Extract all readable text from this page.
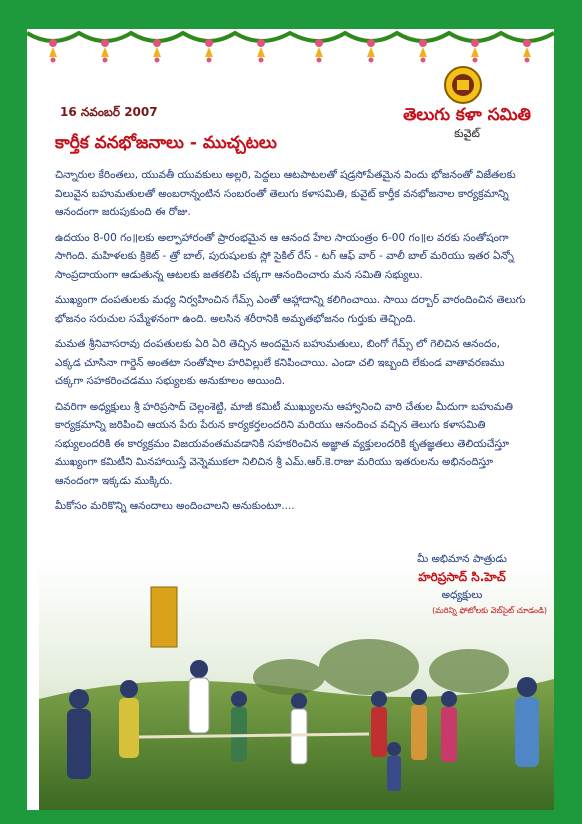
16 నవంబర్ 2007	తెలుగు కళా సమితి
కువైట్
కార్తీక వనభోజనాలు - ముచ్చటలు

చిన్నారుల కేరింతలు, యువతీ యువకులు అల్లరి, పెద్దలు ఆటపాటలతో షడ్రసోపేతమైన విందు భోజనంతో విజేతలకు విలువైన బహుమతులతో అంబరాన్నంటిన సంబరంతో తెలుగు కళాసమితి, కువైట్ కార్తీక వనభోజనాల కార్యక్రమాన్ని ఆనందంగా జరుపుకుంది ఈ రోజు.

ఉదయం 8-00 గం॥లకు అల్పాహారంతో ప్రారంభమైన ఆ ఆనంద హేల సాయంత్రం 6-00 గం॥ల వరకు సంతోషంగా సాగింది. మహిళలకు క్రికెట్ - త్రో బాల్, పురుషులకు స్లో సైకిల్ రేస్ - టగ్ ఆఫ్ వార్ - వాలీ బాల్ మరియు ఇతర ఏన్నో సాంప్రదాయంగా ఆడుతున్న ఆటలకు జతకలిపి చక్కగా ఆనందించారు మన సమితి సభ్యులు.

ముఖ్యంగా దంపతులకు మధ్య నిర్వహించిన గేమ్స్ ఎంతో ఆహ్లాదాన్ని కలిగించాయి. సాయి దర్బార్ వారందించిన తెలుగు భోజనం సరుచుల సమ్మేళనంగా ఉంది. అలసిన శరీరానికి అమృతభోజనం గుర్తుకు తెచ్చింది.

మమత శ్రీనివాసరావు దంపతులకు ఏరి ఏరి తెచ్చిన అందమైన బహుమతులు, బింగో గేమ్స్ లో గెలిచిన ఆనందం, ఎక్కడ చూసినా గార్డెన్ అంతటా సంతోషాల హరివిల్లులే కనిపించాయి. ఎండా చలి ఇబ్బంది లేకుండ వాతావరణము చక్కగా సహకరించడము సభ్యులకు అనుకూలం అయింది.

చివరిగా అధ్యక్షులు శ్రీ హరిప్రసాద్ చెల్లంశెట్టి, మాజీ కమిటీ ముఖ్యులను ఆహ్వానించి వారి చేతుల మీదుగా బహుమతి కార్యక్రమాన్ని జరిపించి ఆయన పేరు పేరున కార్యకర్తలందరిని మరియు ఆనందించ వచ్చిన తెలుగు కళాసమితి సభ్యులందరికి ఈ కార్యక్రమం విజయవంతమవడానికి సహకరించిన అజ్ఞాత వ్యక్తులందరికి కృతజ్ఞతలు తెలియచేస్తూ ముఖ్యంగా కమిటీని మినహాయిస్తే వెన్నెముకలా నిలిచిన శ్రీ ఎమ్.ఆర్.కె.రాజు మరియు ఇతరులను అభినందిస్తూ ఆనందంగా ఇక్కడు ముక్కిరు.

మీకోసం మరికొన్ని ఆనందాలు అందించాలని అనుకుంటూ....

మీ అభిమాన పాత్రుడు
హరిప్రసాద్ సి.హెచ్
అధ్యక్షులు
(మరిన్ని ఫోటోలకు వెబ్‌సైట్ చూడండి)
